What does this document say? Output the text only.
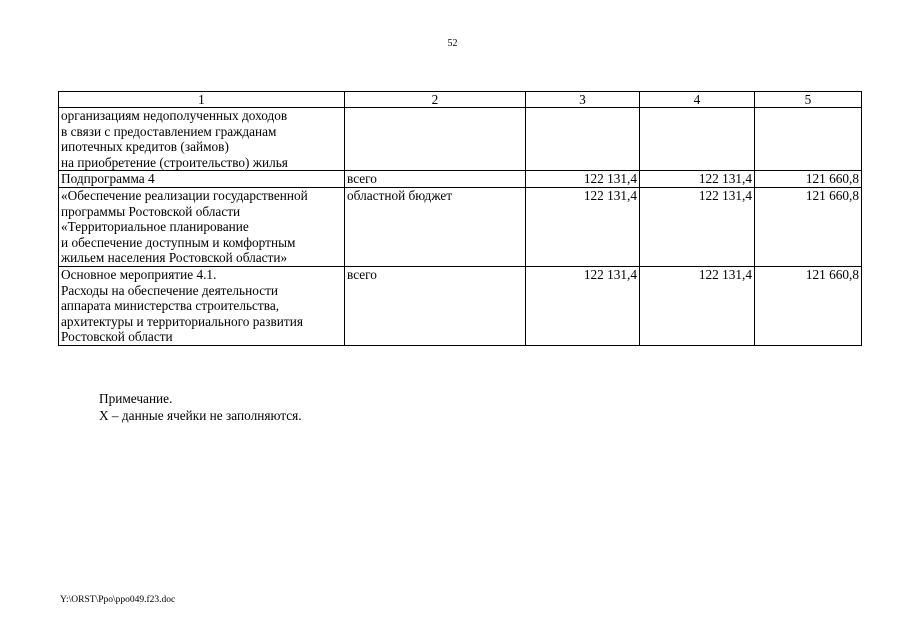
52
1	2	3	4	5

организациям недополученных доходов
в связи с предоставлением гражданам
ипотечных кредитов (займов)
на приобретение (строительство) жилья				

Подпрограмма 4	всего	122 131,4	122 131,4	121 660,8

«Обеспечение реализации государственной
программы Ростовской области
«Территориальное планирование
и обеспечение доступным и комфортным
жильем населения Ростовской области»	областной бюджет	122 131,4	122 131,4	121 660,8

Основное мероприятие 4.1.
Расходы на обеспечение деятельности
аппарата министерства строительства,
архитектуры и территориального развития
Ростовской области	всего	122 131,4	122 131,4	121 660,8
Примечание.
Х – данные ячейки не заполняются.
Y:\ORST\Ppo\ppo049.f23.doc
